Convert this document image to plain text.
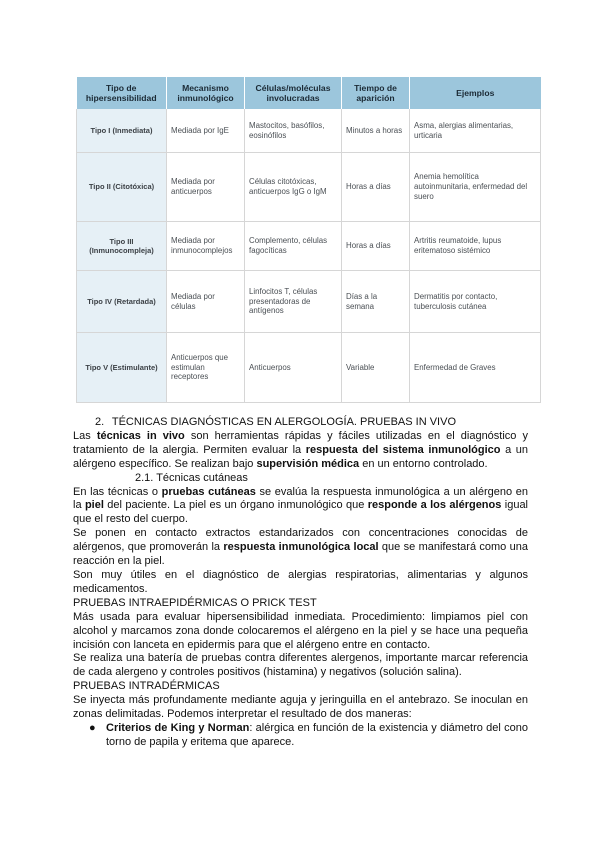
Tipo de hipersensibilidad	Mecanismo inmunológico	Células/moléculas involucradas	Tiempo de aparición	Ejemplos
Tipo I (Inmediata)	Mediada por IgE	Mastocitos, basófilos, eosinófilos	Minutos a horas	Asma, alergias alimentarias, urticaria
Tipo II (Citotóxica)	Mediada por anticuerpos	Células citotóxicas, anticuerpos IgG o IgM	Horas a días	Anemia hemolítica autoinmunitaria, enfermedad del suero
Tipo III (Inmunocompleja)	Mediada por inmunocomplejos	Complemento, células fagocíticas	Horas a días	Artritis reumatoide, lupus eritematoso sistémico
Tipo IV (Retardada)	Mediada por células	Linfocitos T, células presentadoras de antígenos	Días a la semana	Dermatitis por contacto, tuberculosis cutánea
Tipo V (Estimulante)	Anticuerpos que estimulan receptores	Anticuerpos	Variable	Enfermedad de Graves

2. TÉCNICAS DIAGNÓSTICAS EN ALERGOLOGÍA. PRUEBAS IN VIVO

Las técnicas in vivo son herramientas rápidas y fáciles utilizadas en el diagnóstico y tratamiento de la alergia. Permiten evaluar la respuesta del sistema inmunológico a un alérgeno específico. Se realizan bajo supervisión médica en un entorno controlado.

2.1. Técnicas cutáneas

En las técnicas o pruebas cutáneas se evalúa la respuesta inmunológica a un alérgeno en la piel del paciente. La piel es un órgano inmunológico que responde a los alérgenos igual que el resto del cuerpo.

Se ponen en contacto extractos estandarizados con concentraciones conocidas de alérgenos, que promoverán la respuesta inmunológica local que se manifestará como una reacción en la piel.

Son muy útiles en el diagnóstico de alergias respiratorias, alimentarias y algunos medicamentos.

PRUEBAS INTRAEPIDÉRMICAS O PRICK TEST

Más usada para evaluar hipersensibilidad inmediata. Procedimiento: limpiamos piel con alcohol y marcamos zona donde colocaremos el alérgeno en la piel y se hace una pequeña incisión con lanceta en epidermis para que el alérgeno entre en contacto.

Se realiza una batería de pruebas contra diferentes alergenos, importante marcar referencia de cada alergeno y controles positivos (histamina) y negativos (solución salina).

PRUEBAS INTRADÉRMICAS

Se inyecta más profundamente mediante aguja y jeringuilla en el antebrazo. Se inoculan en zonas delimitadas. Podemos interpretar el resultado de dos maneras:

● Criterios de King y Norman: alérgica en función de la existencia y diámetro del cono torno de papila y eritema que aparece.
